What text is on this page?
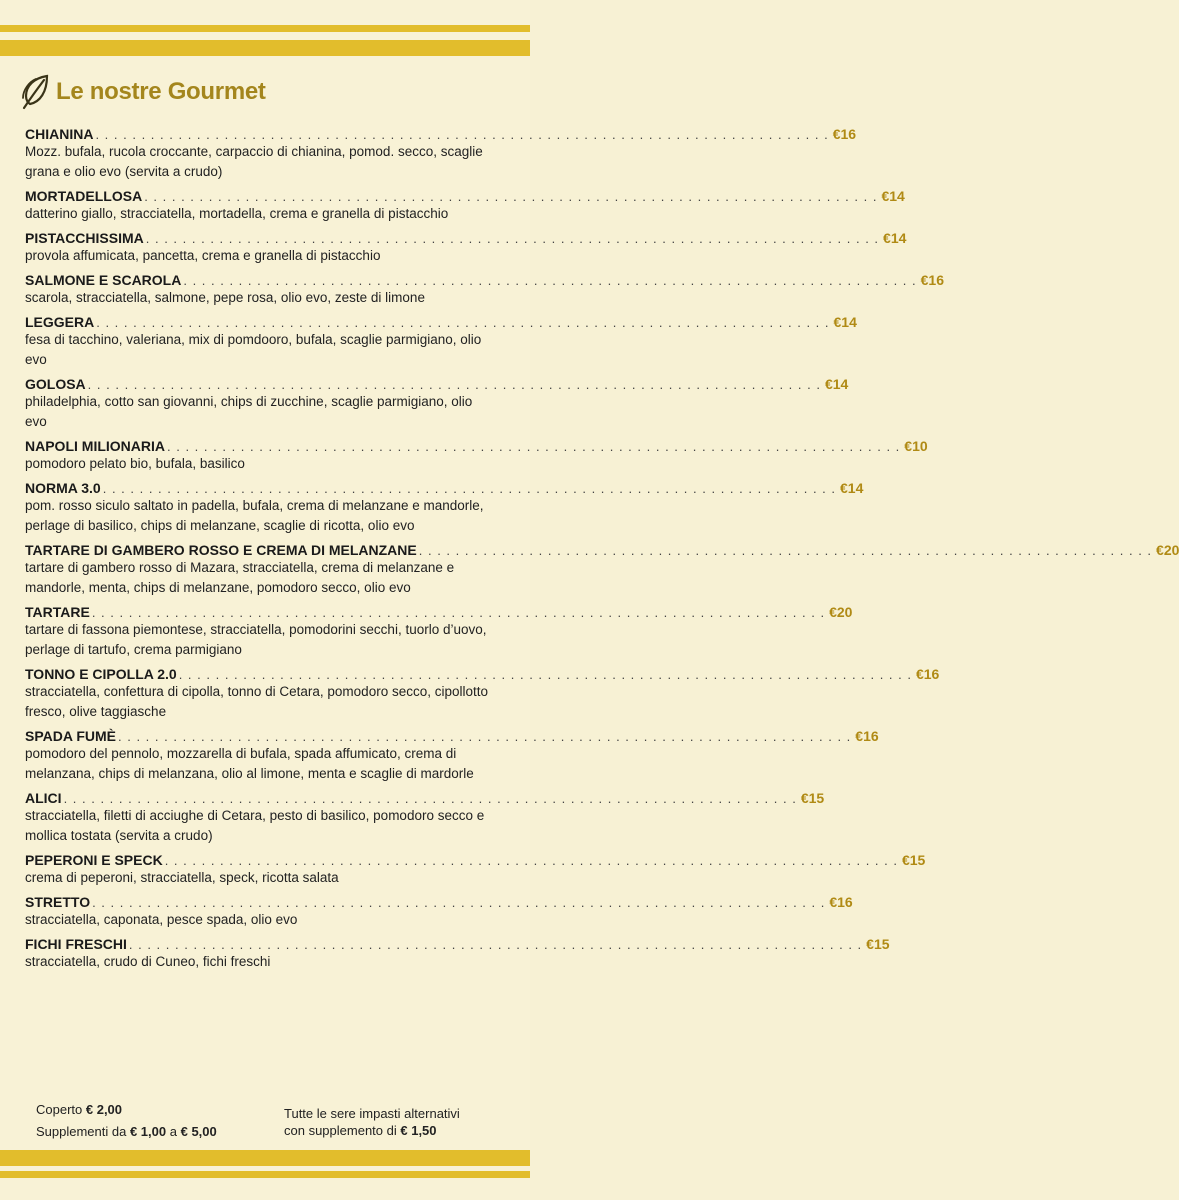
Le nostre Gourmet
CHIANINA . . . . . . . . . . . . . . . . . . . . . . . . . . . . . . . . . . . . . . . . . . . . . . . . . . . . . . . . . . . . . . . . . . . . . . . . . . . . . . . . €16
Mozz. bufala, rucola croccante, carpaccio di chianina, pomod. secco, scaglie grana e olio evo (servita a crudo)
MORTADELLOSA . . . . . . . . . . . . . . . . . . . . . . . . . . . . . . . . . . . . . . . . . . . . . . . . . . . . . . . . . . . . . . . . . . . . . . . . . . . . . . . . €14
datterino giallo, stracciatella, mortadella, crema e granella di pistacchio
PISTACCHISSIMA . . . . . . . . . . . . . . . . . . . . . . . . . . . . . . . . . . . . . . . . . . . . . . . . . . . . . . . . . . . . . . . . . . . . . . . . . . . . . . . . €14
provola affumicata, pancetta, crema e granella di pistacchio
SALMONE E SCAROLA . . . . . . . . . . . . . . . . . . . . . . . . . . . . . . . . . . . . . . . . . . . . . . . . . . . . . . . . . . . . . . . . . . . . . . . . . . . . . . . . €16
scarola, stracciatella, salmone, pepe rosa, olio evo, zeste di limone
LEGGERA . . . . . . . . . . . . . . . . . . . . . . . . . . . . . . . . . . . . . . . . . . . . . . . . . . . . . . . . . . . . . . . . . . . . . . . . . . . . . . . . €14
fesa di tacchino, valeriana, mix di pomdooro, bufala, scaglie parmigiano, olio evo
GOLOSA . . . . . . . . . . . . . . . . . . . . . . . . . . . . . . . . . . . . . . . . . . . . . . . . . . . . . . . . . . . . . . . . . . . . . . . . . . . . . . . . €14
philadelphia, cotto san giovanni, chips di zucchine, scaglie parmigiano, olio evo
NAPOLI MILIONARIA . . . . . . . . . . . . . . . . . . . . . . . . . . . . . . . . . . . . . . . . . . . . . . . . . . . . . . . . . . . . . . . . . . . . . . . . . . . . . . . . €10
pomodoro pelato bio, bufala, basilico
NORMA 3.0 . . . . . . . . . . . . . . . . . . . . . . . . . . . . . . . . . . . . . . . . . . . . . . . . . . . . . . . . . . . . . . . . . . . . . . . . . . . . . . . . €14
pom. rosso siculo saltato in padella, bufala, crema di melanzane e mandorle, perlage di basilico, chips di melanzane, scaglie di ricotta, olio evo
TARTARE DI GAMBERO ROSSO E CREMA DI MELANZANE . . . . . . . . . . . . . . . . . . . . . . . . . . . . . . . . . . . . . . . . . . . . . . . . . . . . . . . . . . . . . . . . . . . . . . . . . . . . . . . . €20
tartare di gambero rosso di Mazara, stracciatella, crema di melanzane e mandorle, menta, chips di melanzane, pomodoro secco, olio evo
TARTARE . . . . . . . . . . . . . . . . . . . . . . . . . . . . . . . . . . . . . . . . . . . . . . . . . . . . . . . . . . . . . . . . . . . . . . . . . . . . . . . . €20
tartare di fassona piemontese, stracciatella, pomodorini secchi, tuorlo d’uovo, perlage di tartufo, crema parmigiano
TONNO E CIPOLLA 2.0 . . . . . . . . . . . . . . . . . . . . . . . . . . . . . . . . . . . . . . . . . . . . . . . . . . . . . . . . . . . . . . . . . . . . . . . . . . . . . . . . €16
stracciatella, confettura di cipolla, tonno di Cetara, pomodoro secco, cipollotto fresco, olive taggiasche
SPADA FUMÈ . . . . . . . . . . . . . . . . . . . . . . . . . . . . . . . . . . . . . . . . . . . . . . . . . . . . . . . . . . . . . . . . . . . . . . . . . . . . . . . . €16
pomodoro del pennolo, mozzarella di bufala, spada affumicato, crema di melanzana, chips di melanzana, olio al limone, menta e scaglie di mardorle
ALICI . . . . . . . . . . . . . . . . . . . . . . . . . . . . . . . . . . . . . . . . . . . . . . . . . . . . . . . . . . . . . . . . . . . . . . . . . . . . . . . . €15
stracciatella, filetti di acciughe di Cetara, pesto di basilico, pomodoro secco e mollica tostata (servita a crudo)
PEPERONI E SPECK . . . . . . . . . . . . . . . . . . . . . . . . . . . . . . . . . . . . . . . . . . . . . . . . . . . . . . . . . . . . . . . . . . . . . . . . . . . . . . . . €15
crema di peperoni, stracciatella, speck, ricotta salata
STRETTO . . . . . . . . . . . . . . . . . . . . . . . . . . . . . . . . . . . . . . . . . . . . . . . . . . . . . . . . . . . . . . . . . . . . . . . . . . . . . . . . €16
stracciatella, caponata, pesce spada, olio evo
FICHI FRESCHI . . . . . . . . . . . . . . . . . . . . . . . . . . . . . . . . . . . . . . . . . . . . . . . . . . . . . . . . . . . . . . . . . . . . . . . . . . . . . . . . €15
stracciatella, crudo di Cuneo, fichi freschi
Coperto € 2,00
Supplementi da € 1,00 a € 5,00
Tutte le sere impasti alternativi
con supplemento di € 1,50
